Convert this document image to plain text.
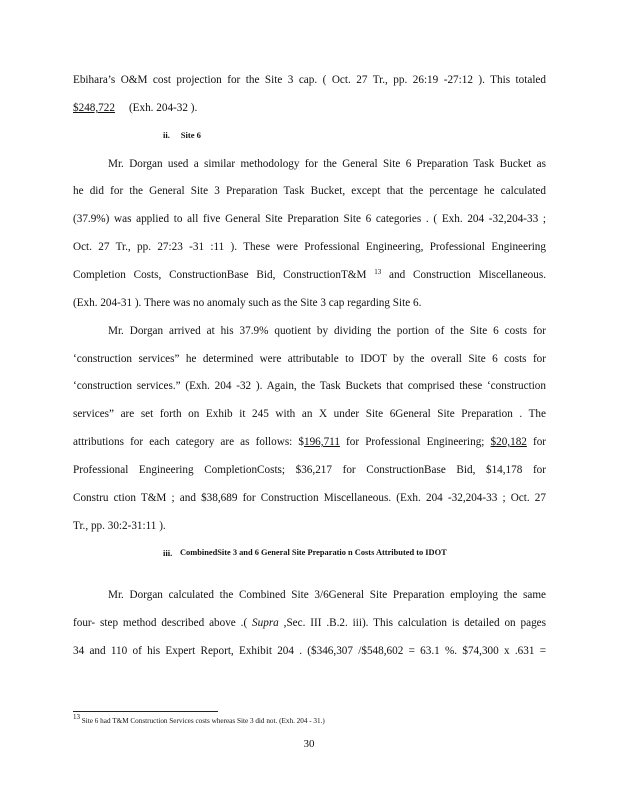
Ebihara’s O&M cost projection for the Site 3 cap. ( Oct. 27 Tr., pp. 26:19 -27:12 ). This totaled
$248,722 (Exh. 204-32 ).
ii. Site 6
Mr. Dorgan used a similar methodology for the General Site 6 Preparation Task Bucket as
he did for the General Site 3 Preparation Task Bucket, except that the percentage he calculated
(37.9%) was applied to all five General Site Preparation Site 6 categories . ( Exh. 204 -32,204-33 ;
Oct. 27 Tr., pp. 27:23 -31 :11 ). These were Professional Engineering, Professional Engineering
Completion Costs, ConstructionBase Bid, ConstructionT&M $^{13}$ and Construction Miscellaneous.
(Exh. 204-31 ). There was no anomaly such as the Site 3 cap regarding Site 6.
Mr. Dorgan arrived at his 37.9% quotient by dividing the portion of the Site 6 costs for
‘construction services” he determined were attributable to IDOT by the overall Site 6 costs for
‘construction services.” (Exh. 204 -32 ). Again, the Task Buckets that comprised these ‘construction
services” are set forth on Exhib it 245 with an X under Site 6General Site Preparation . The
attributions for each category are as follows: $196,711 for Professional Engineering; $20,182 for
Professional Engineering CompletionCosts; $36,217 for ConstructionBase Bid, $14,178 for
Constru ction T&M ; and $38,689 for Construction Miscellaneous. (Exh. 204 -32,204-33 ; Oct. 27
Tr., pp. 30:2-31:11 ).
iii. CombinedSite 3 and 6 General Site Preparatio n Costs Attributed to IDOT
Mr. Dorgan calculated the Combined Site 3/6General Site Preparation employing the same
four- step method described above .( Supra ,Sec. III .B.2. iii). This calculation is detailed on pages
34 and 110 of his Expert Report, Exhibit 204 . ($346,307 /$548,602 = 63.1 %. $74,300 x .631 =
$^{13}$ Site 6 had T&M Construction Services costs whereas Site 3 did not. (Exh. 204 - 31.)
30
